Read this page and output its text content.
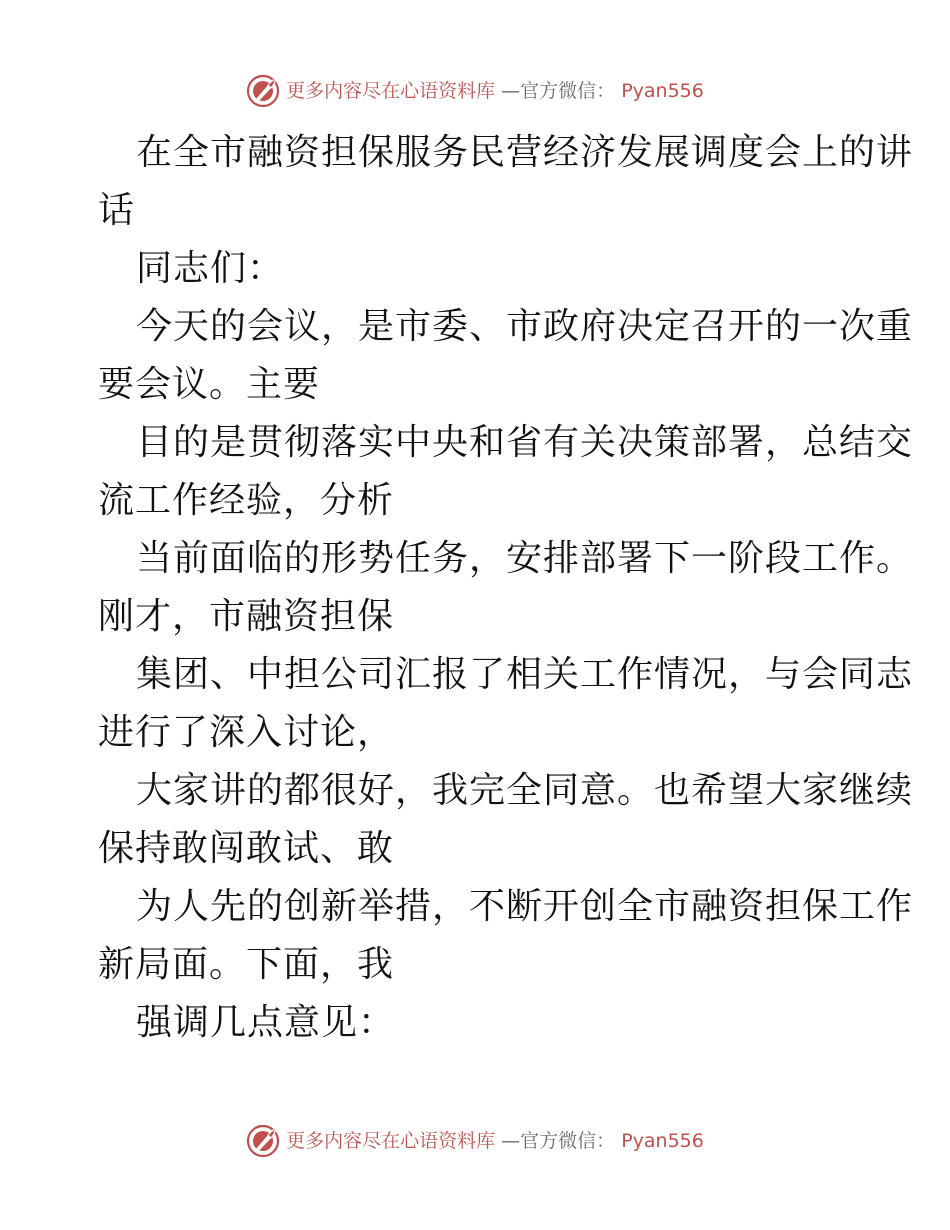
更多内容尽在心语资料库 —官方微信： Pyan556
在全市融资担保服务民营经济发展调度会上的讲
话
同志们：
今天的会议，是市委、市政府决定召开的一次重
要会议。主要
目的是贯彻落实中央和省有关决策部署，总结交
流工作经验，分析
当前面临的形势任务，安排部署下一阶段工作。
刚才，市融资担保
集团、中担公司汇报了相关工作情况，与会同志
进行了深入讨论，
大家讲的都很好，我完全同意。也希望大家继续
保持敢闯敢试、敢
为人先的创新举措，不断开创全市融资担保工作
新局面。下面，我
强调几点意见：
更多内容尽在心语资料库 —官方微信： Pyan556
